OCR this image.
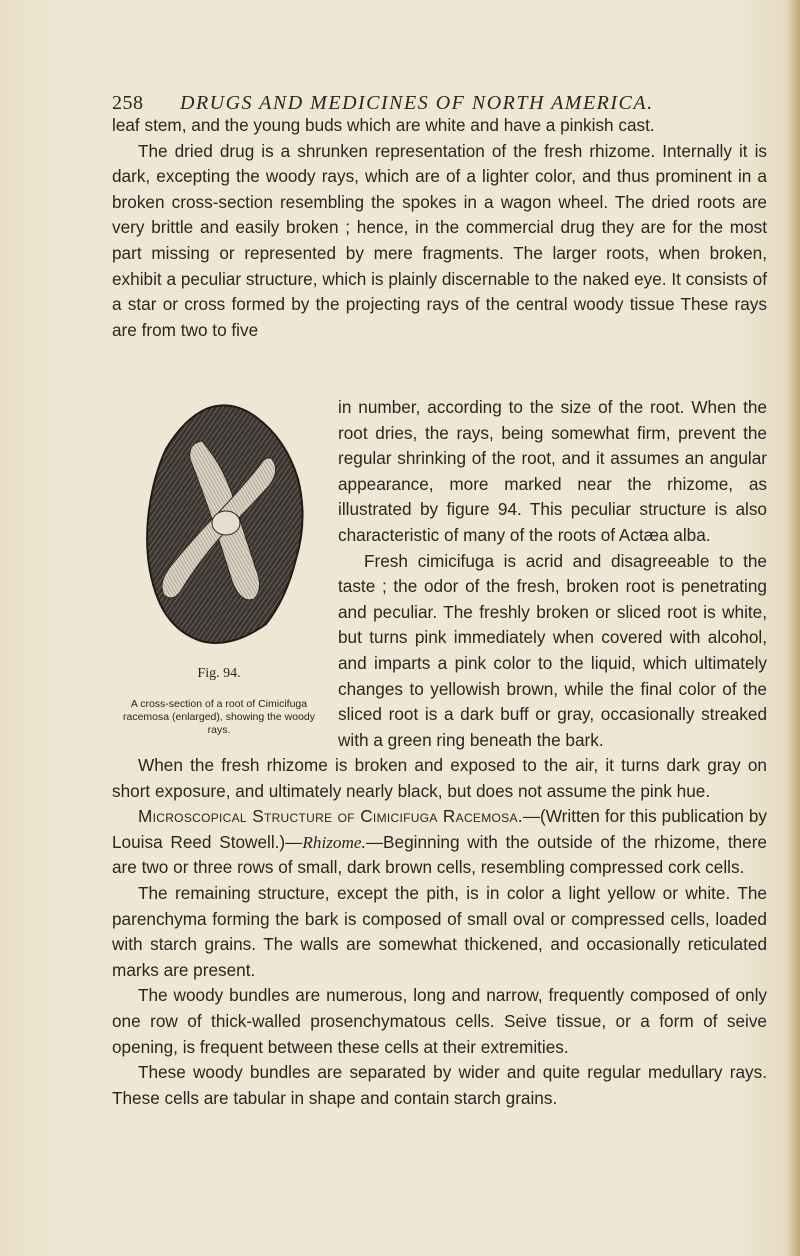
258 DRUGS AND MEDICINES OF NORTH AMERICA.

leaf stem, and the young buds which are white and have a pinkish cast.

The dried drug is a shrunken representation of the fresh rhizome. Internally it is dark, excepting the woody rays, which are of a lighter color, and thus prominent in a broken cross-section resembling the spokes in a wagon wheel. The dried roots are very brittle and easily broken ; hence, in the commercial drug they are for the most part missing or represented by mere fragments. The larger roots, when broken, exhibit a peculiar structure, which is plainly discernable to the naked eye. It consists of a star or cross formed by the projecting rays of the central woody tissue These rays are from two to five

Fig. 94.
A cross-section of a root of Cimicifuga racemosa (enlarged), showing the woody rays.

in number, according to the size of the root. When the root dries, the rays, being somewhat firm, prevent the regular shrinking of the root, and it assumes an angular appearance, more marked near the rhizome, as illustrated by figure 94. This peculiar structure is also characteristic of many of the roots of Actæa alba.

Fresh cimicifuga is acrid and disagreeable to the taste ; the odor of the fresh, broken root is penetrating and peculiar. The freshly broken or sliced root is white, but turns pink immediately when covered with alcohol, and imparts a pink color to the liquid, which ultimately changes to yellowish brown, while the final color of the sliced root is a dark buff or gray, occasionally streaked with a green ring beneath the bark.

When the fresh rhizome is broken and exposed to the air, it turns dark gray on short exposure, and ultimately nearly black, but does not assume the pink hue.

Microscopical Structure of Cimicifuga Racemosa.—(Written for this publication by Louisa Reed Stowell.)—Rhizome.—Beginning with the outside of the rhizome, there are two or three rows of small, dark brown cells, resembling compressed cork cells.

The remaining structure, except the pith, is in color a light yellow or white. The parenchyma forming the bark is composed of small oval or compressed cells, loaded with starch grains. The walls are somewhat thickened, and occasionally reticulated marks are present.

The woody bundles are numerous, long and narrow, frequently composed of only one row of thick-walled prosenchymatous cells. Seive tissue, or a form of seive opening, is frequent between these cells at their extremities.

These woody bundles are separated by wider and quite regular medullary rays. These cells are tabular in shape and contain starch grains.
